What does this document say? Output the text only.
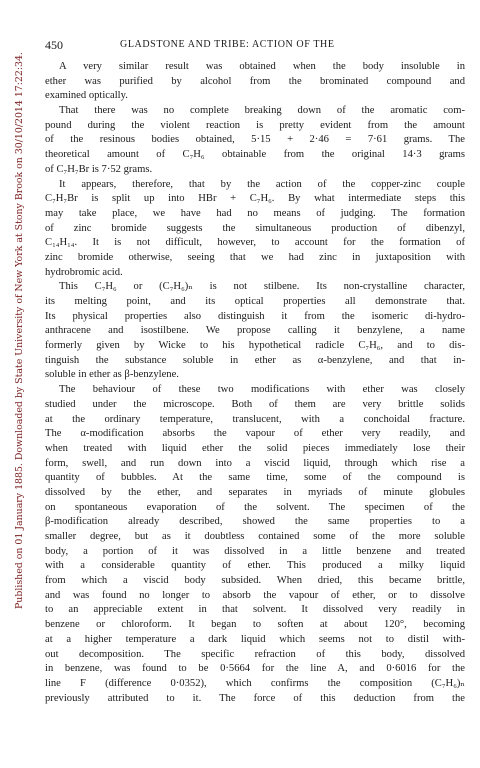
Published on 01 January 1885. Downloaded by State University of New York at Stony Brook on 30/10/2014 17:22:34.
450	GLADSTONE AND TRIBE: ACTION OF THE
A very similar result was obtained when the body insoluble in
ether was purified by alcohol from the brominated compound and
examined optically.
That there was no complete breaking down of the aromatic com-
pound during the violent reaction is pretty evident from the amount
of the resinous bodies obtained, 5·15 + 2·46 = 7·61 grams. The
theoretical amount of C₇H₆ obtainable from the original 14·3 grams
of C₇H₇Br is 7·52 grams.
It appears, therefore, that by the action of the copper-zinc couple
C₇H₇Br is split up into HBr + C₇H₆. By what intermediate steps this
may take place, we have had no means of judging. The formation
of zinc bromide suggests the simultaneous production of dibenzyl,
C₁₄H₁₄. It is not difficult, however, to account for the formation of
zinc bromide otherwise, seeing that we had zinc in juxtaposition with
hydrobromic acid.
This C₇H₆ or (C₇H₆)ₙ is not stilbene. Its non-crystalline character,
its melting point, and its optical properties all demonstrate that.
Its physical properties also distinguish it from the isomeric di-hydro-
anthracene and isostilbene. We propose calling it benzylene, a name
formerly given by Wicke to his hypothetical radicle C₇H₆, and to dis-
tinguish the substance soluble in ether as α-benzylene, and that in-
soluble in ether as β-benzylene.
The behaviour of these two modifications with ether was closely
studied under the microscope. Both of them are very brittle solids
at the ordinary temperature, translucent, with a conchoidal fracture.
The α-modification absorbs the vapour of ether very readily, and
when treated with liquid ether the solid pieces immediately lose their
form, swell, and run down into a viscid liquid, through which rise a
quantity of bubbles. At the same time, some of the compound is
dissolved by the ether, and separates in myriads of minute globules
on spontaneous evaporation of the solvent. The specimen of the
β-modification already described, showed the same properties to a
smaller degree, but as it doubtless contained some of the more soluble
body, a portion of it was dissolved in a little benzene and treated
with a considerable quantity of ether. This produced a milky liquid
from which a viscid body subsided. When dried, this became brittle,
and was found no longer to absorb the vapour of ether, or to dissolve
to an appreciable extent in that solvent. It dissolved very readily in
benzene or chloroform. It began to soften at about 120°, becoming
at a higher temperature a dark liquid which seems not to distil with-
out decomposition. The specific refraction of this body, dissolved
in benzene, was found to be 0·5664 for the line A, and 0·6016 for the
line F (difference 0·0352), which confirms the composition (C₇H₆)ₙ
previously attributed to it. The force of this deduction from the
